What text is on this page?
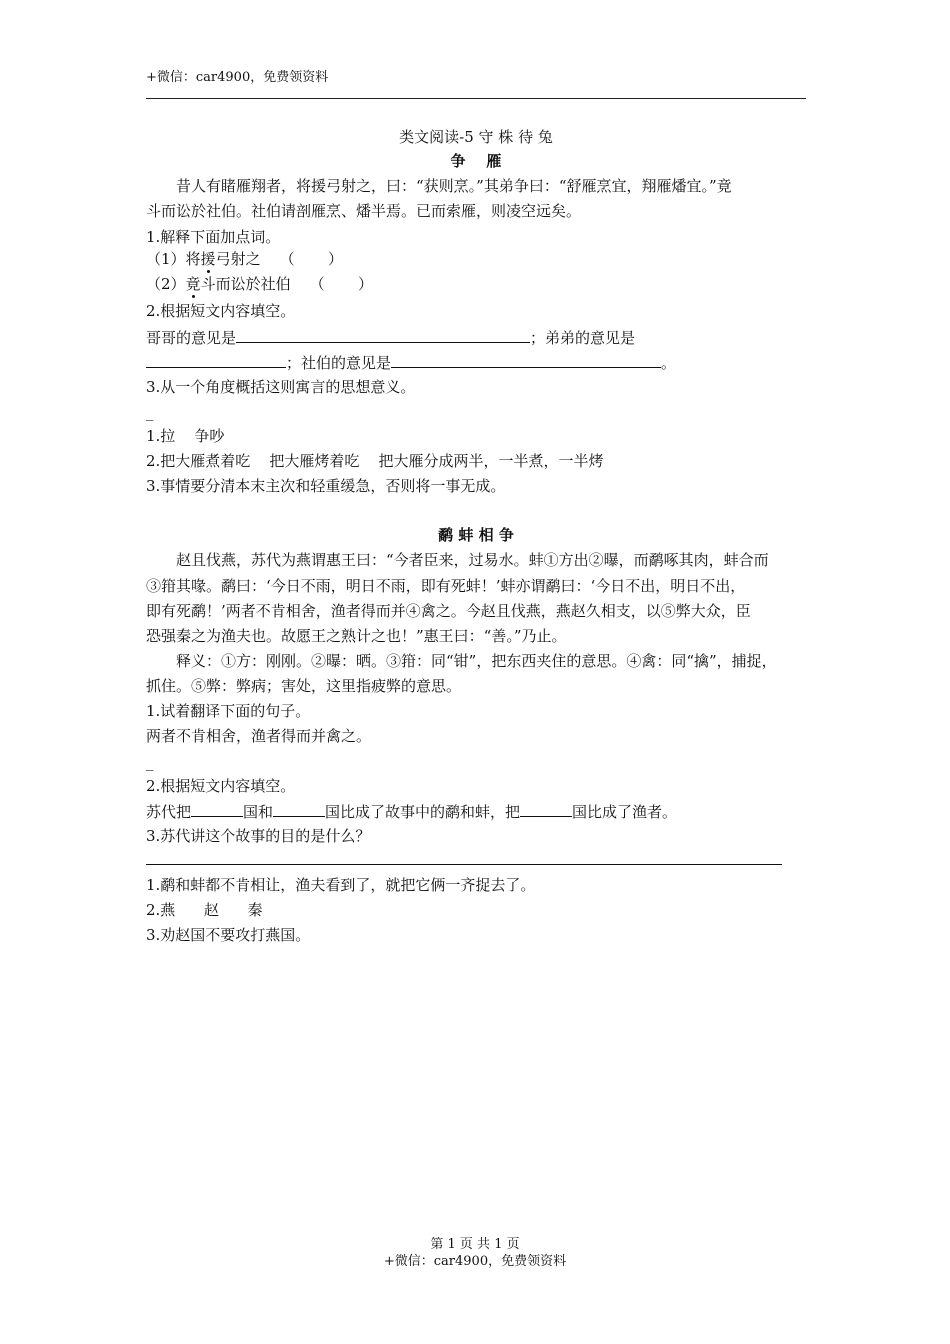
+微信：car4900，免费领资料
类文阅读-5 守 株 待 兔
争    雁
昔人有睹雁翔者，将援弓射之，曰：“获则烹。”其弟争曰：“舒雁烹宜，翔雁燔宜。”竟
斗而讼於社伯。社伯请剖雁烹、燔半焉。已而索雁，则凌空远矣。
1.解释下面加点词。
（1）将援弓射之    （       ）
（2）竟斗而讼於社伯    （       ）
2.根据短文内容填空。
哥哥的意见是	；弟弟的意见是
；社伯的意见是	。
3.从一个角度概括这则寓言的思想意义。
_
1.拉    争吵
2.把大雁煮着吃    把大雁烤着吃    把大雁分成两半，一半煮，一半烤
3.事情要分清本末主次和轻重缓急，否则将一事无成。
鹬 蚌 相 争
赵且伐燕，苏代为燕谓惠王曰：“今者臣来，过易水。蚌①方出②曝，而鹬啄其肉，蚌合而
③箝其喙。鹬曰：‘今日不雨，明日不雨，即有死蚌！’蚌亦谓鹬曰：‘今日不出，明日不出，
即有死鹬！’两者不肯相舍，渔者得而并④禽之。今赵且伐燕，燕赵久相支，以⑤弊大众，臣
恐强秦之为渔夫也。故愿王之熟计之也！”惠王曰：“善。”乃止。
释义：①方：刚刚。②曝：晒。③箝：同“钳”，把东西夹住的意思。④禽：同“擒”，捕捉，
抓住。⑤弊：弊病；害处，这里指疲弊的意思。
1.试着翻译下面的句子。
两者不肯相舍，渔者得而并禽之。
_
2.根据短文内容填空。
苏代把	国和	国比成了故事中的鹬和蚌，把	国比成了渔者。
3.苏代讲这个故事的目的是什么？
1.鹬和蚌都不肯相让，渔夫看到了，就把它俩一齐捉去了。
2.燕      赵      秦
3.劝赵国不要攻打燕国。
第 1 页 共 1 页
+微信：car4900，免费领资料
